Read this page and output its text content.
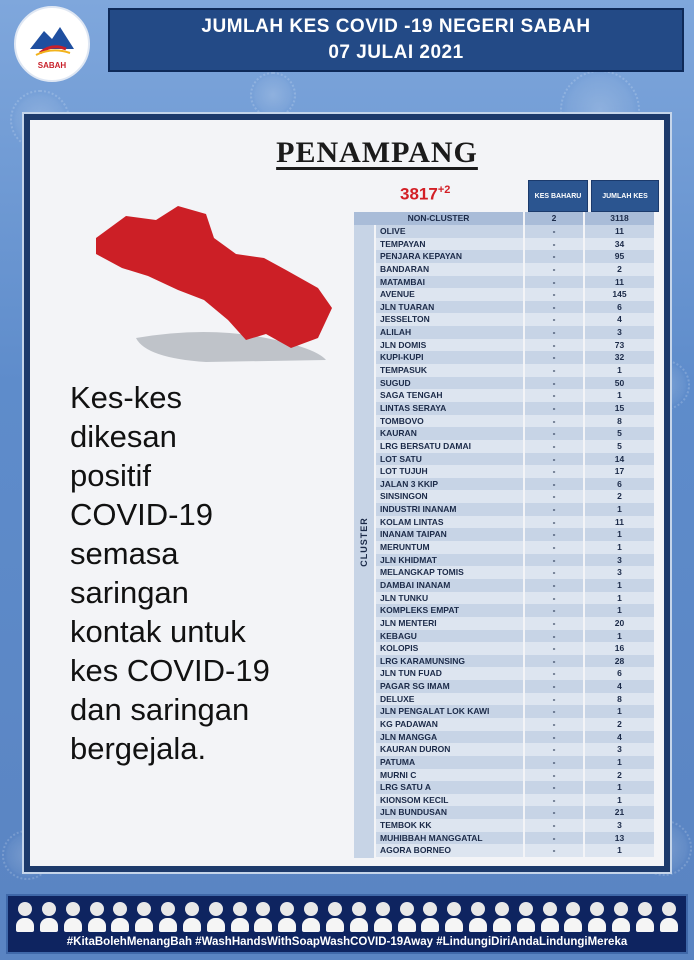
SABAH
JUMLAH KES COVID -19 NEGERI SABAH
07 JULAI 2021
PENAMPANG
$3817^{+2}$
Kes-kes
dikesan
positif
COVID-19
semasa
saringan
kontak untuk
kes COVID-19
dan saringan
bergejala.
KES BAHARU	JUMLAH KES
NON-CLUSTER	2	3118
CLUSTER
OLIVE	-	11
TEMPAYAN	-	34
PENJARA KEPAYAN	-	95
BANDARAN	-	2
MATAMBAI	-	11
AVENUE	-	145
JLN TUARAN	-	6
JESSELTON	-	4
ALILAH	-	3
JLN DOMIS	-	73
KUPI-KUPI	-	32
TEMPASUK	-	1
SUGUD	-	50
SAGA TENGAH	-	1
LINTAS SERAYA	-	15
TOMBOVO	-	8
KAURAN	-	5
LRG BERSATU DAMAI	-	5
LOT SATU	-	14
LOT TUJUH	-	17
JALAN 3 KKIP	-	6
SINSINGON	-	2
INDUSTRI INANAM	-	1
KOLAM LINTAS	-	11
INANAM TAIPAN	-	1
MERUNTUM	-	1
JLN KHIDMAT	-	3
MELANGKAP TOMIS	-	3
DAMBAI INANAM	-	1
JLN TUNKU	-	1
KOMPLEKS EMPAT	-	1
JLN MENTERI	-	20
KEBAGU	-	1
KOLOPIS	-	16
LRG KARAMUNSING	-	28
JLN TUN FUAD	-	6
PAGAR SG IMAM	-	4
DELUXE	-	8
JLN PENGALAT LOK KAWI	-	1
KG PADAWAN	-	2
JLN MANGGA	-	4
KAURAN DURON	-	3
PATUMA	-	1
MURNI C	-	2
LRG SATU A	-	1
KIONSOM KECIL	-	1
JLN BUNDUSAN	-	21
TEMBOK KK	-	3
MUHIBBAH MANGGATAL	-	13
AGORA BORNEO	-	1
#KitaBolehMenangBah #WashHandsWithSoapWashCOVID-19Away #LindungiDiriAndaLindungiMereka
